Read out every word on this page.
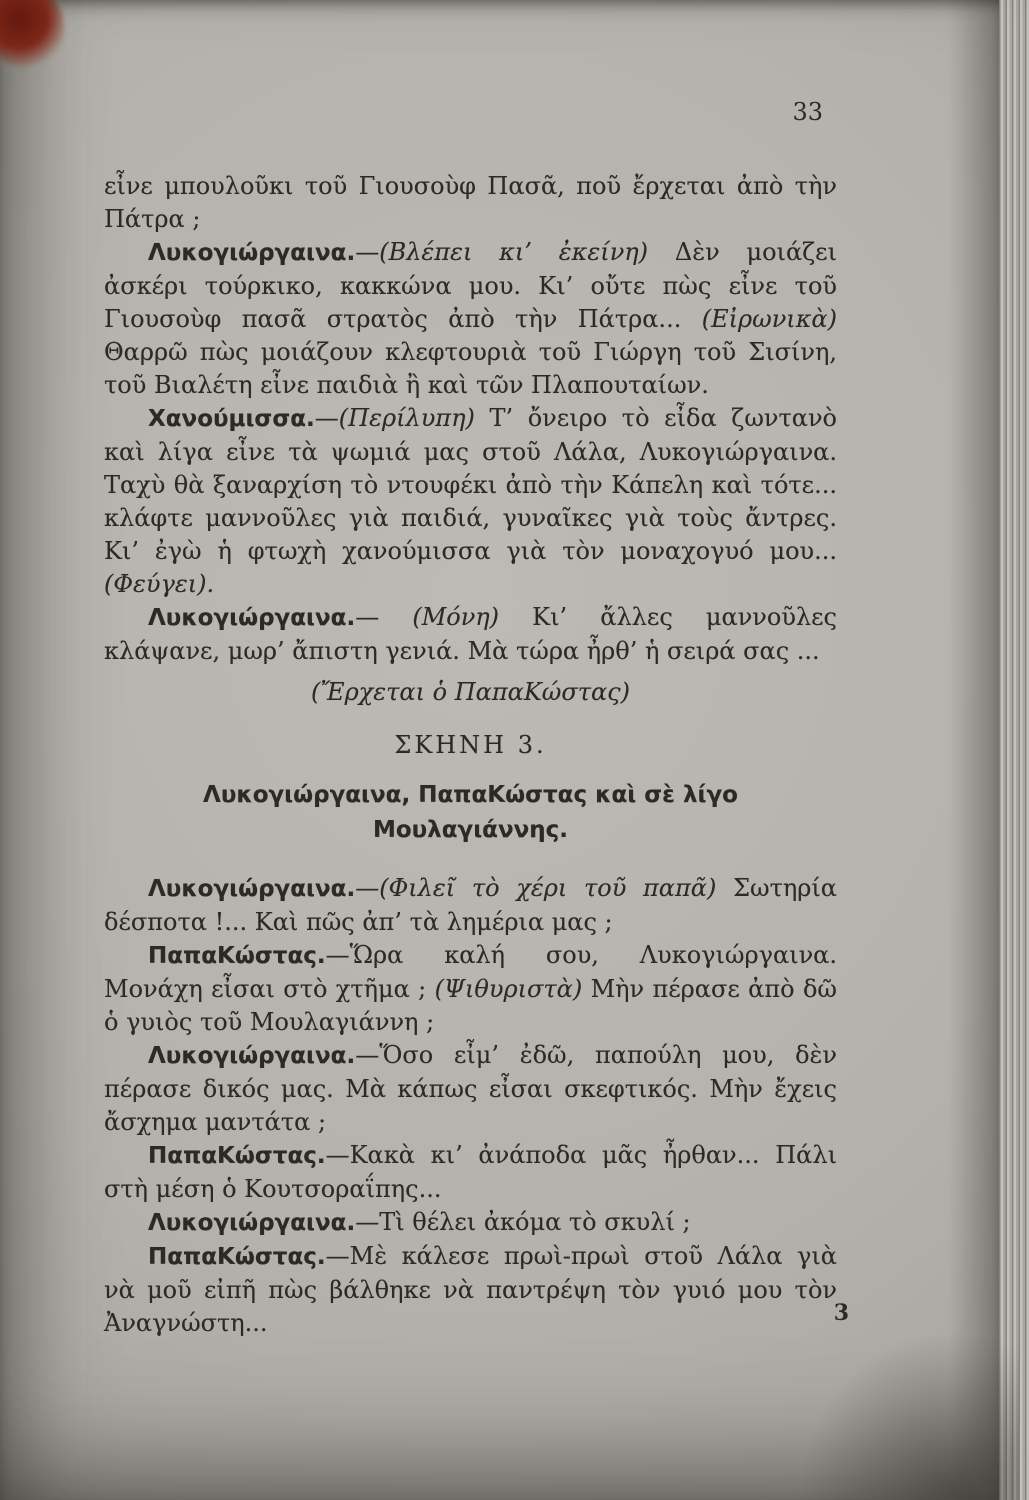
33

εἶνε μπουλοῦκι τοῦ Γιουσοὺφ Πασᾶ, ποῦ ἔρχεται ἀπὸ τὴν Πάτρα ;

Λυκογιώργαινα.—(Βλέπει κι’ ἐκείνη) Δὲν μοιάζει ἀσκέρι τούρκικο, κακκώνα μου. Κι’ οὔτε πὼς εἶνε τοῦ Γιουσοὺφ πασᾶ στρατὸς ἀπὸ τὴν Πάτρα... (Εἰρωνικὰ) Θαρρῶ πὼς μοιάζουν κλεφτουριὰ τοῦ Γιώργη τοῦ Σισίνη, τοῦ Βιαλέτη εἶνε παιδιὰ ἢ καὶ τῶν Πλαπουταίων.

Χανούμισσα.—(Περίλυπη) Τ’ ὄνειρο τὸ εἶδα ζωντανὸ καὶ λίγα εἶνε τὰ ψωμιά μας στοῦ Λάλα, Λυκογιώργαινα. Ταχὺ θὰ ξαναρχίση τὸ ντουφέκι ἀπὸ τὴν Κάπελη καὶ τότε... κλάφτε μαννοῦλες γιὰ παιδιά, γυναῖκες γιὰ τοὺς ἄντρες. Κι’ ἐγὼ ἡ φτωχὴ χανούμισσα γιὰ τὸν μοναχογυό μου... (Φεύγει).

Λυκογιώργαινα.— (Μόνη) Κι’ ἄλλες μαννοῦλες κλάψανε, μωρ’ ἄπιστη γενιά. Μὰ τώρα ἦρθ’ ἡ σειρά σας ...

(Ἔρχεται ὁ ΠαπαΚώστας)

ΣΚΗΝΗ 3.

Λυκογιώργαινα, ΠαπαΚώστας καὶ σὲ λίγο Μουλαγιάννης.

Λυκογιώργαινα.—(Φιλεῖ τὸ χέρι τοῦ παπᾶ) Σωτηρία δέσποτα !... Καὶ πῶς ἀπ’ τὰ λημέρια μας ;

ΠαπαΚώστας.—Ὥρα καλή σου, Λυκογιώργαινα. Μονάχη εἶσαι στὸ χτῆμα ; (Ψιθυριστὰ) Μὴν πέρασε ἀπὸ δῶ ὁ γυιὸς τοῦ Μουλαγιάννη ;

Λυκογιώργαινα.—Ὅσο εἶμ’ ἐδῶ, παπούλη μου, δὲν πέρασε δικός μας. Μὰ κάπως εἶσαι σκεφτικός. Μὴν ἔχεις ἄσχημα μαντάτα ;

ΠαπαΚώστας.—Κακὰ κι’ ἀνάποδα μᾶς ἦρθαν... Πάλι στὴ μέση ὁ Κουτσοραΐπης...

Λυκογιώργαινα.—Τὶ θέλει ἀκόμα τὸ σκυλί ;

ΠαπαΚώστας.—Μὲ κάλεσε πρωὶ-πρωὶ στοῦ Λάλα γιὰ νὰ μοῦ εἰπῆ πὼς βάλθηκε νὰ παντρέψη τὸν γυιό μου τὸν Ἀναγνώστη...	3
